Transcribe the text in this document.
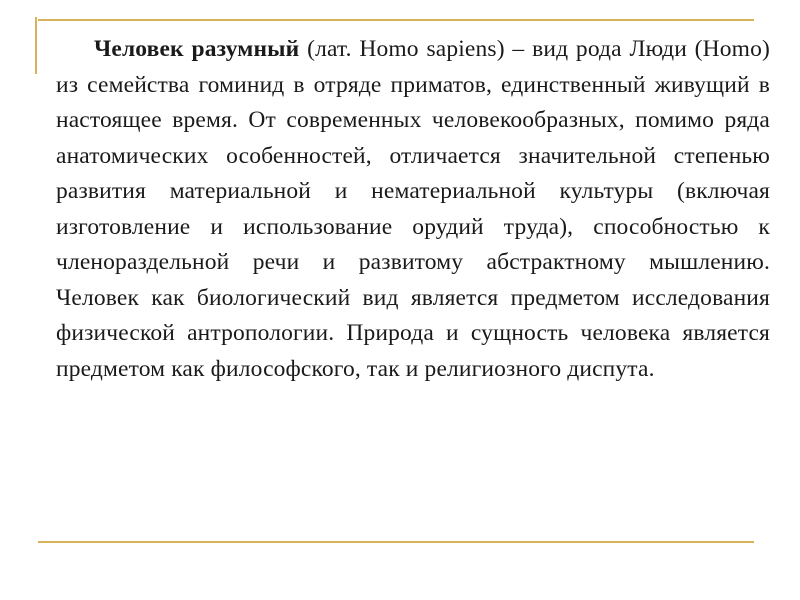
Человек разумный (лат. Homo sapiens) – вид рода Люди (Homo) из семейства гоминид в отряде приматов, единственный живущий в настоящее время. От современных человекообразных, помимо ряда анатомических особенностей, отличается значительной степенью развития материальной и нематериальной культуры (включая изготовление и использование орудий труда), способностью к членораздельной речи и развитому абстрактному мышлению. Человек как биологический вид является предметом исследования физической антропологии. Природа и сущность человека является предметом как философского, так и религиозного диспута.
